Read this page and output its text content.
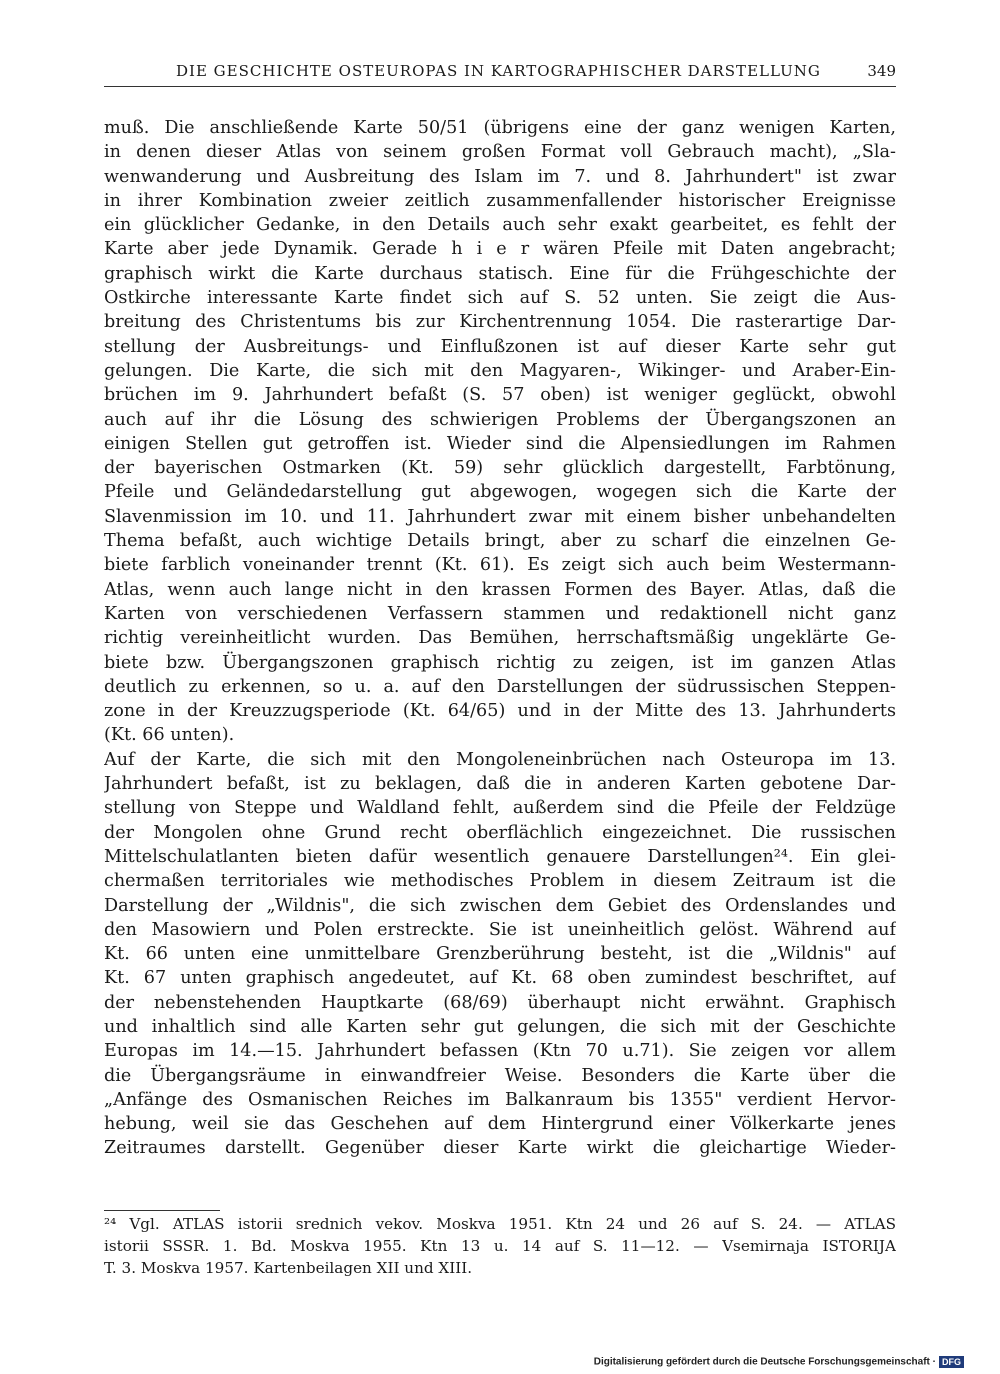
DIE GESCHICHTE OSTEUROPAS IN KARTOGRAPHISCHER DARSTELLUNG	349
muß. Die anschließende Karte 50/51 (übrigens eine der ganz wenigen Karten,
in denen dieser Atlas von seinem großen Format voll Gebrauch macht), „Sla-
wenwanderung und Ausbreitung des Islam im 7. und 8. Jahrhundert" ist zwar
in ihrer Kombination zweier zeitlich zusammenfallender historischer Ereignisse
ein glücklicher Gedanke, in den Details auch sehr exakt gearbeitet, es fehlt der
Karte aber jede Dynamik. Gerade h i e r wären Pfeile mit Daten angebracht;
graphisch wirkt die Karte durchaus statisch. Eine für die Frühgeschichte der
Ostkirche interessante Karte findet sich auf S. 52 unten. Sie zeigt die Aus-
breitung des Christentums bis zur Kirchentrennung 1054. Die rasterartige Dar-
stellung der Ausbreitungs- und Einflußzonen ist auf dieser Karte sehr gut
gelungen. Die Karte, die sich mit den Magyaren-, Wikinger- und Araber-Ein-
brüchen im 9. Jahrhundert befaßt (S. 57 oben) ist weniger geglückt, obwohl
auch auf ihr die Lösung des schwierigen Problems der Übergangszonen an
einigen Stellen gut getroffen ist. Wieder sind die Alpensiedlungen im Rahmen
der bayerischen Ostmarken (Kt. 59) sehr glücklich dargestellt, Farbtönung,
Pfeile und Geländedarstellung gut abgewogen, wogegen sich die Karte der
Slavenmission im 10. und 11. Jahrhundert zwar mit einem bisher unbehandelten
Thema befaßt, auch wichtige Details bringt, aber zu scharf die einzelnen Ge-
biete farblich voneinander trennt (Kt. 61). Es zeigt sich auch beim Westermann-
Atlas, wenn auch lange nicht in den krassen Formen des Bayer. Atlas, daß die
Karten von verschiedenen Verfassern stammen und redaktionell nicht ganz
richtig vereinheitlicht wurden. Das Bemühen, herrschaftsmäßig ungeklärte Ge-
biete bzw. Übergangszonen graphisch richtig zu zeigen, ist im ganzen Atlas
deutlich zu erkennen, so u. a. auf den Darstellungen der südrussischen Steppen-
zone in der Kreuzzugsperiode (Kt. 64/65) und in der Mitte des 13. Jahrhunderts
(Kt. 66 unten).
Auf der Karte, die sich mit den Mongoleneinbrüchen nach Osteuropa im 13.
Jahrhundert befaßt, ist zu beklagen, daß die in anderen Karten gebotene Dar-
stellung von Steppe und Waldland fehlt, außerdem sind die Pfeile der Feldzüge
der Mongolen ohne Grund recht oberflächlich eingezeichnet. Die russischen
Mittelschulatlanten bieten dafür wesentlich genauere Darstellungen²⁴. Ein glei-
chermaßen territoriales wie methodisches Problem in diesem Zeitraum ist die
Darstellung der „Wildnis", die sich zwischen dem Gebiet des Ordenslandes und
den Masowiern und Polen erstreckte. Sie ist uneinheitlich gelöst. Während auf
Kt. 66 unten eine unmittelbare Grenzberührung besteht, ist die „Wildnis" auf
Kt. 67 unten graphisch angedeutet, auf Kt. 68 oben zumindest beschriftet, auf
der nebenstehenden Hauptkarte (68/69) überhaupt nicht erwähnt. Graphisch
und inhaltlich sind alle Karten sehr gut gelungen, die sich mit der Geschichte
Europas im 14.—15. Jahrhundert befassen (Ktn 70 u.71). Sie zeigen vor allem
die Übergangsräume in einwandfreier Weise. Besonders die Karte über die
„Anfänge des Osmanischen Reiches im Balkanraum bis 1355" verdient Hervor-
hebung, weil sie das Geschehen auf dem Hintergrund einer Völkerkarte jenes
Zeitraumes darstellt. Gegenüber dieser Karte wirkt die gleichartige Wieder-
²⁴ Vgl. ATLAS istorii srednich vekov. Moskva 1951. Ktn 24 und 26 auf S. 24. — ATLAS
istorii SSSR. 1. Bd. Moskva 1955. Ktn 13 u. 14 auf S. 11—12. — Vsemirnaja ISTORIJA
T. 3. Moskva 1957. Kartenbeilagen XII und XIII.
Digitalisierung gefördert durch die Deutsche Forschungsgemeinschaft · DFG
